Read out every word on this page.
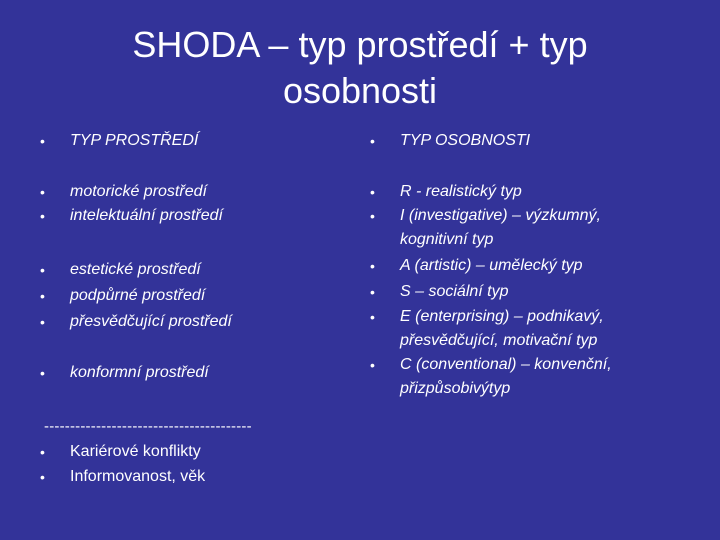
SHODA – typ prostředí + typ
osobnosti
• TYP PROSTŘEDÍ
• motorické prostředí
• intelektuální prostředí
• estetické prostředí
• podpůrné prostředí
• přesvědčující prostředí
• konformní prostředí
• TYP OSOBNOSTI
• R - realistický typ
• I (investigative) – výzkumný, kognitivní typ
• A (artistic) – umělecký typ
• S – sociální typ
• E (enterprising) – podnikavý, přesvědčující, motivační typ
• C (conventional) – konvenční, přizpůsobivýtyp
----------------------------------------
• Kariérové konflikty
• Informovanost, věk
